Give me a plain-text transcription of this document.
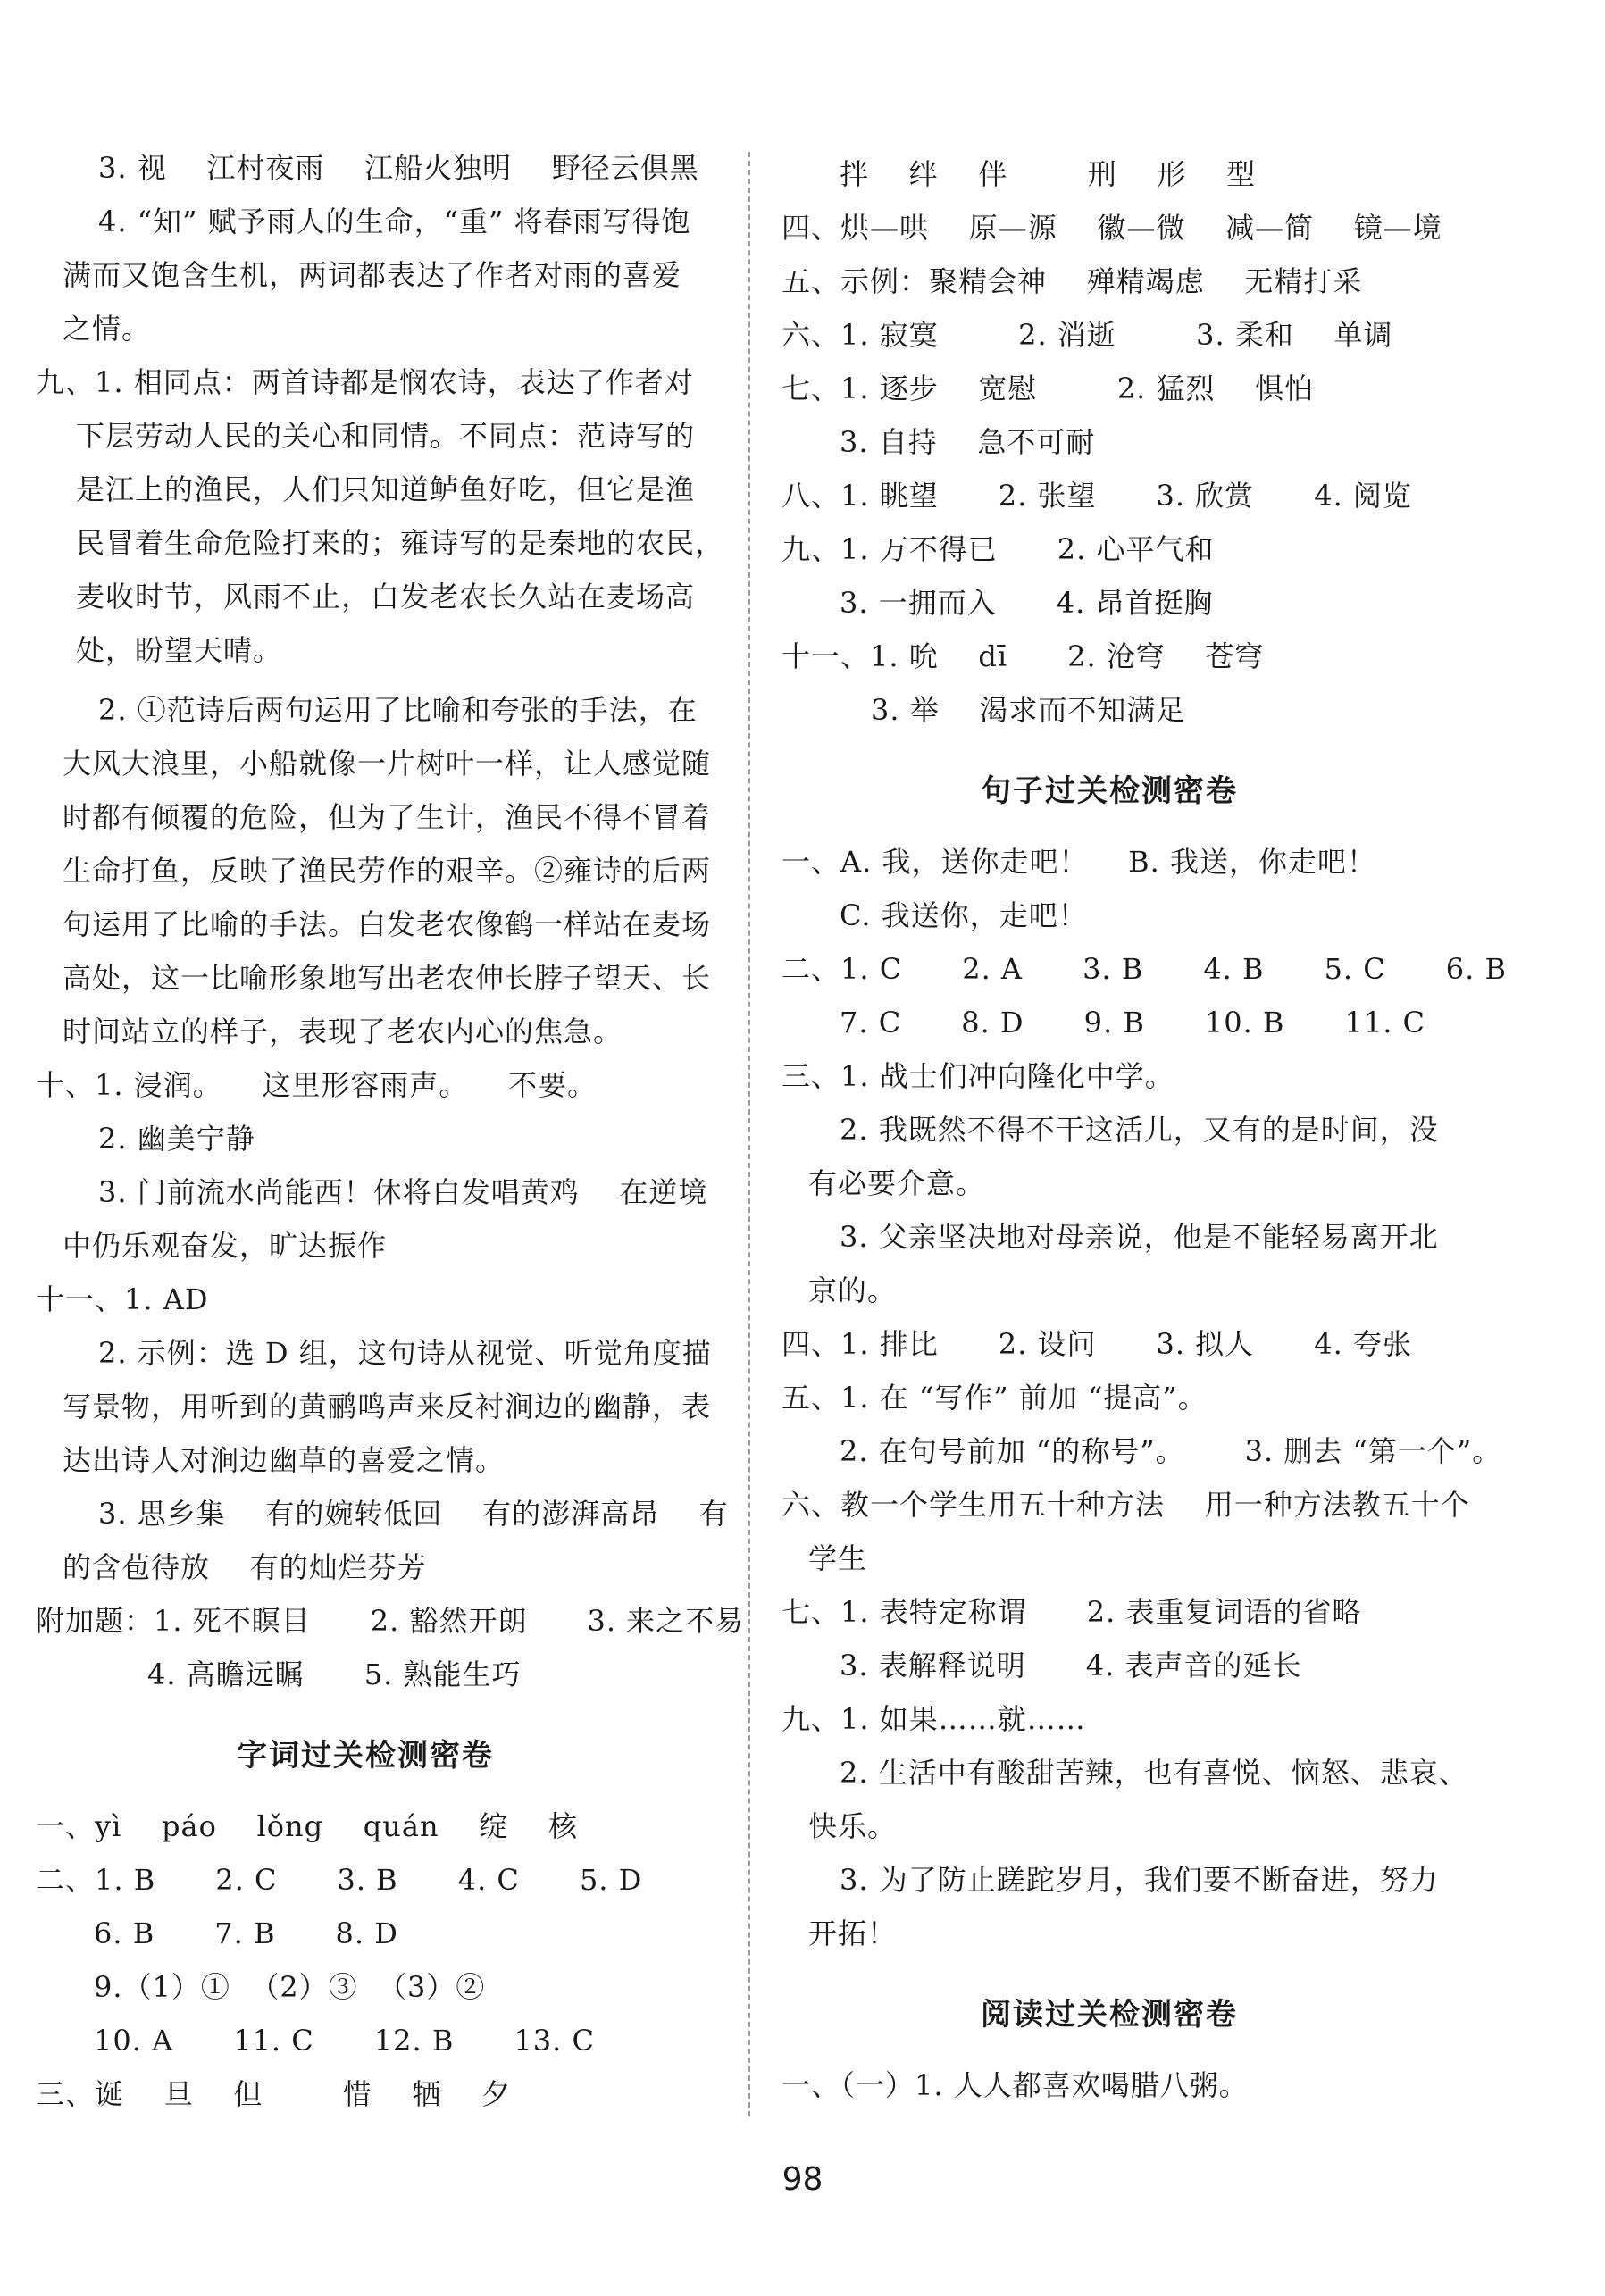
3. 视    江村夜雨    江船火独明    野径云俱黑
4. “知” 赋予雨人的生命，“重” 将春雨写得饱
满而又饱含生机，两词都表达了作者对雨的喜爱
之情。
九、1. 相同点：两首诗都是悯农诗，表达了作者对
下层劳动人民的关心和同情。不同点：范诗写的
是江上的渔民，人们只知道鲈鱼好吃，但它是渔
民冒着生命危险打来的；雍诗写的是秦地的农民，
麦收时节，风雨不止，白发老农长久站在麦场高
处，盼望天晴。
2. ①范诗后两句运用了比喻和夸张的手法，在
大风大浪里，小船就像一片树叶一样，让人感觉随
时都有倾覆的危险，但为了生计，渔民不得不冒着
生命打鱼，反映了渔民劳作的艰辛。②雍诗的后两
句运用了比喻的手法。白发老农像鹤一样站在麦场
高处，这一比喻形象地写出老农伸长脖子望天、长
时间站立的样子，表现了老农内心的焦急。
十、1. 浸润。    这里形容雨声。    不要。
2. 幽美宁静
3. 门前流水尚能西！休将白发唱黄鸡    在逆境
中仍乐观奋发，旷达振作
十一、1. AD
2. 示例：选 D 组，这句诗从视觉、听觉角度描
写景物，用听到的黄鹂鸣声来反衬涧边的幽静，表
达出诗人对涧边幽草的喜爱之情。
3. 思乡集    有的婉转低回    有的澎湃高昂    有
的含苞待放    有的灿烂芬芳
附加题：1. 死不瞑目      2. 豁然开朗      3. 来之不易
4. 高瞻远瞩      5. 熟能生巧
字词过关检测密卷
一、yì    páo    lǒng    quán    绽    核
二、1. B      2. C      3. B      4. C      5. D
6. B      7. B      8. D
9.（1）①  （2）③  （3）②
10. A      11. C      12. B      13. C
三、诞    旦    但        惜    牺    夕
拌    绊    伴        刑    形    型
四、烘—哄    原—源    徽—微    减—简    镜—境
五、示例：聚精会神    殚精竭虑    无精打采
六、1. 寂寞        2. 消逝        3. 柔和    单调
七、1. 逐步    宽慰        2. 猛烈    惧怕
3. 自持    急不可耐
八、1. 眺望      2. 张望      3. 欣赏      4. 阅览
九、1. 万不得已      2. 心平气和
3. 一拥而入      4. 昂首挺胸
十一、1. 吮    dī      2. 沧穹    苍穹
3. 举    渴求而不知满足
句子过关检测密卷
一、A. 我，送你走吧！    B. 我送，你走吧！
C. 我送你，走吧！
二、1. C      2. A      3. B      4. B      5. C      6. B
7. C      8. D      9. B      10. B      11. C
三、1. 战士们冲向隆化中学。
2. 我既然不得不干这活儿，又有的是时间，没
有必要介意。
3. 父亲坚决地对母亲说，他是不能轻易离开北
京的。
四、1. 排比      2. 设问      3. 拟人      4. 夸张
五、1. 在 “写作” 前加 “提高”。
2. 在句号前加 “的称号”。      3. 删去 “第一个”。
六、教一个学生用五十种方法    用一种方法教五十个
学生
七、1. 表特定称谓      2. 表重复词语的省略
3. 表解释说明      4. 表声音的延长
九、1. 如果……就……
2. 生活中有酸甜苦辣，也有喜悦、恼怒、悲哀、
快乐。
3. 为了防止蹉跎岁月，我们要不断奋进，努力
开拓！
阅读过关检测密卷
一、（一）1. 人人都喜欢喝腊八粥。
98
